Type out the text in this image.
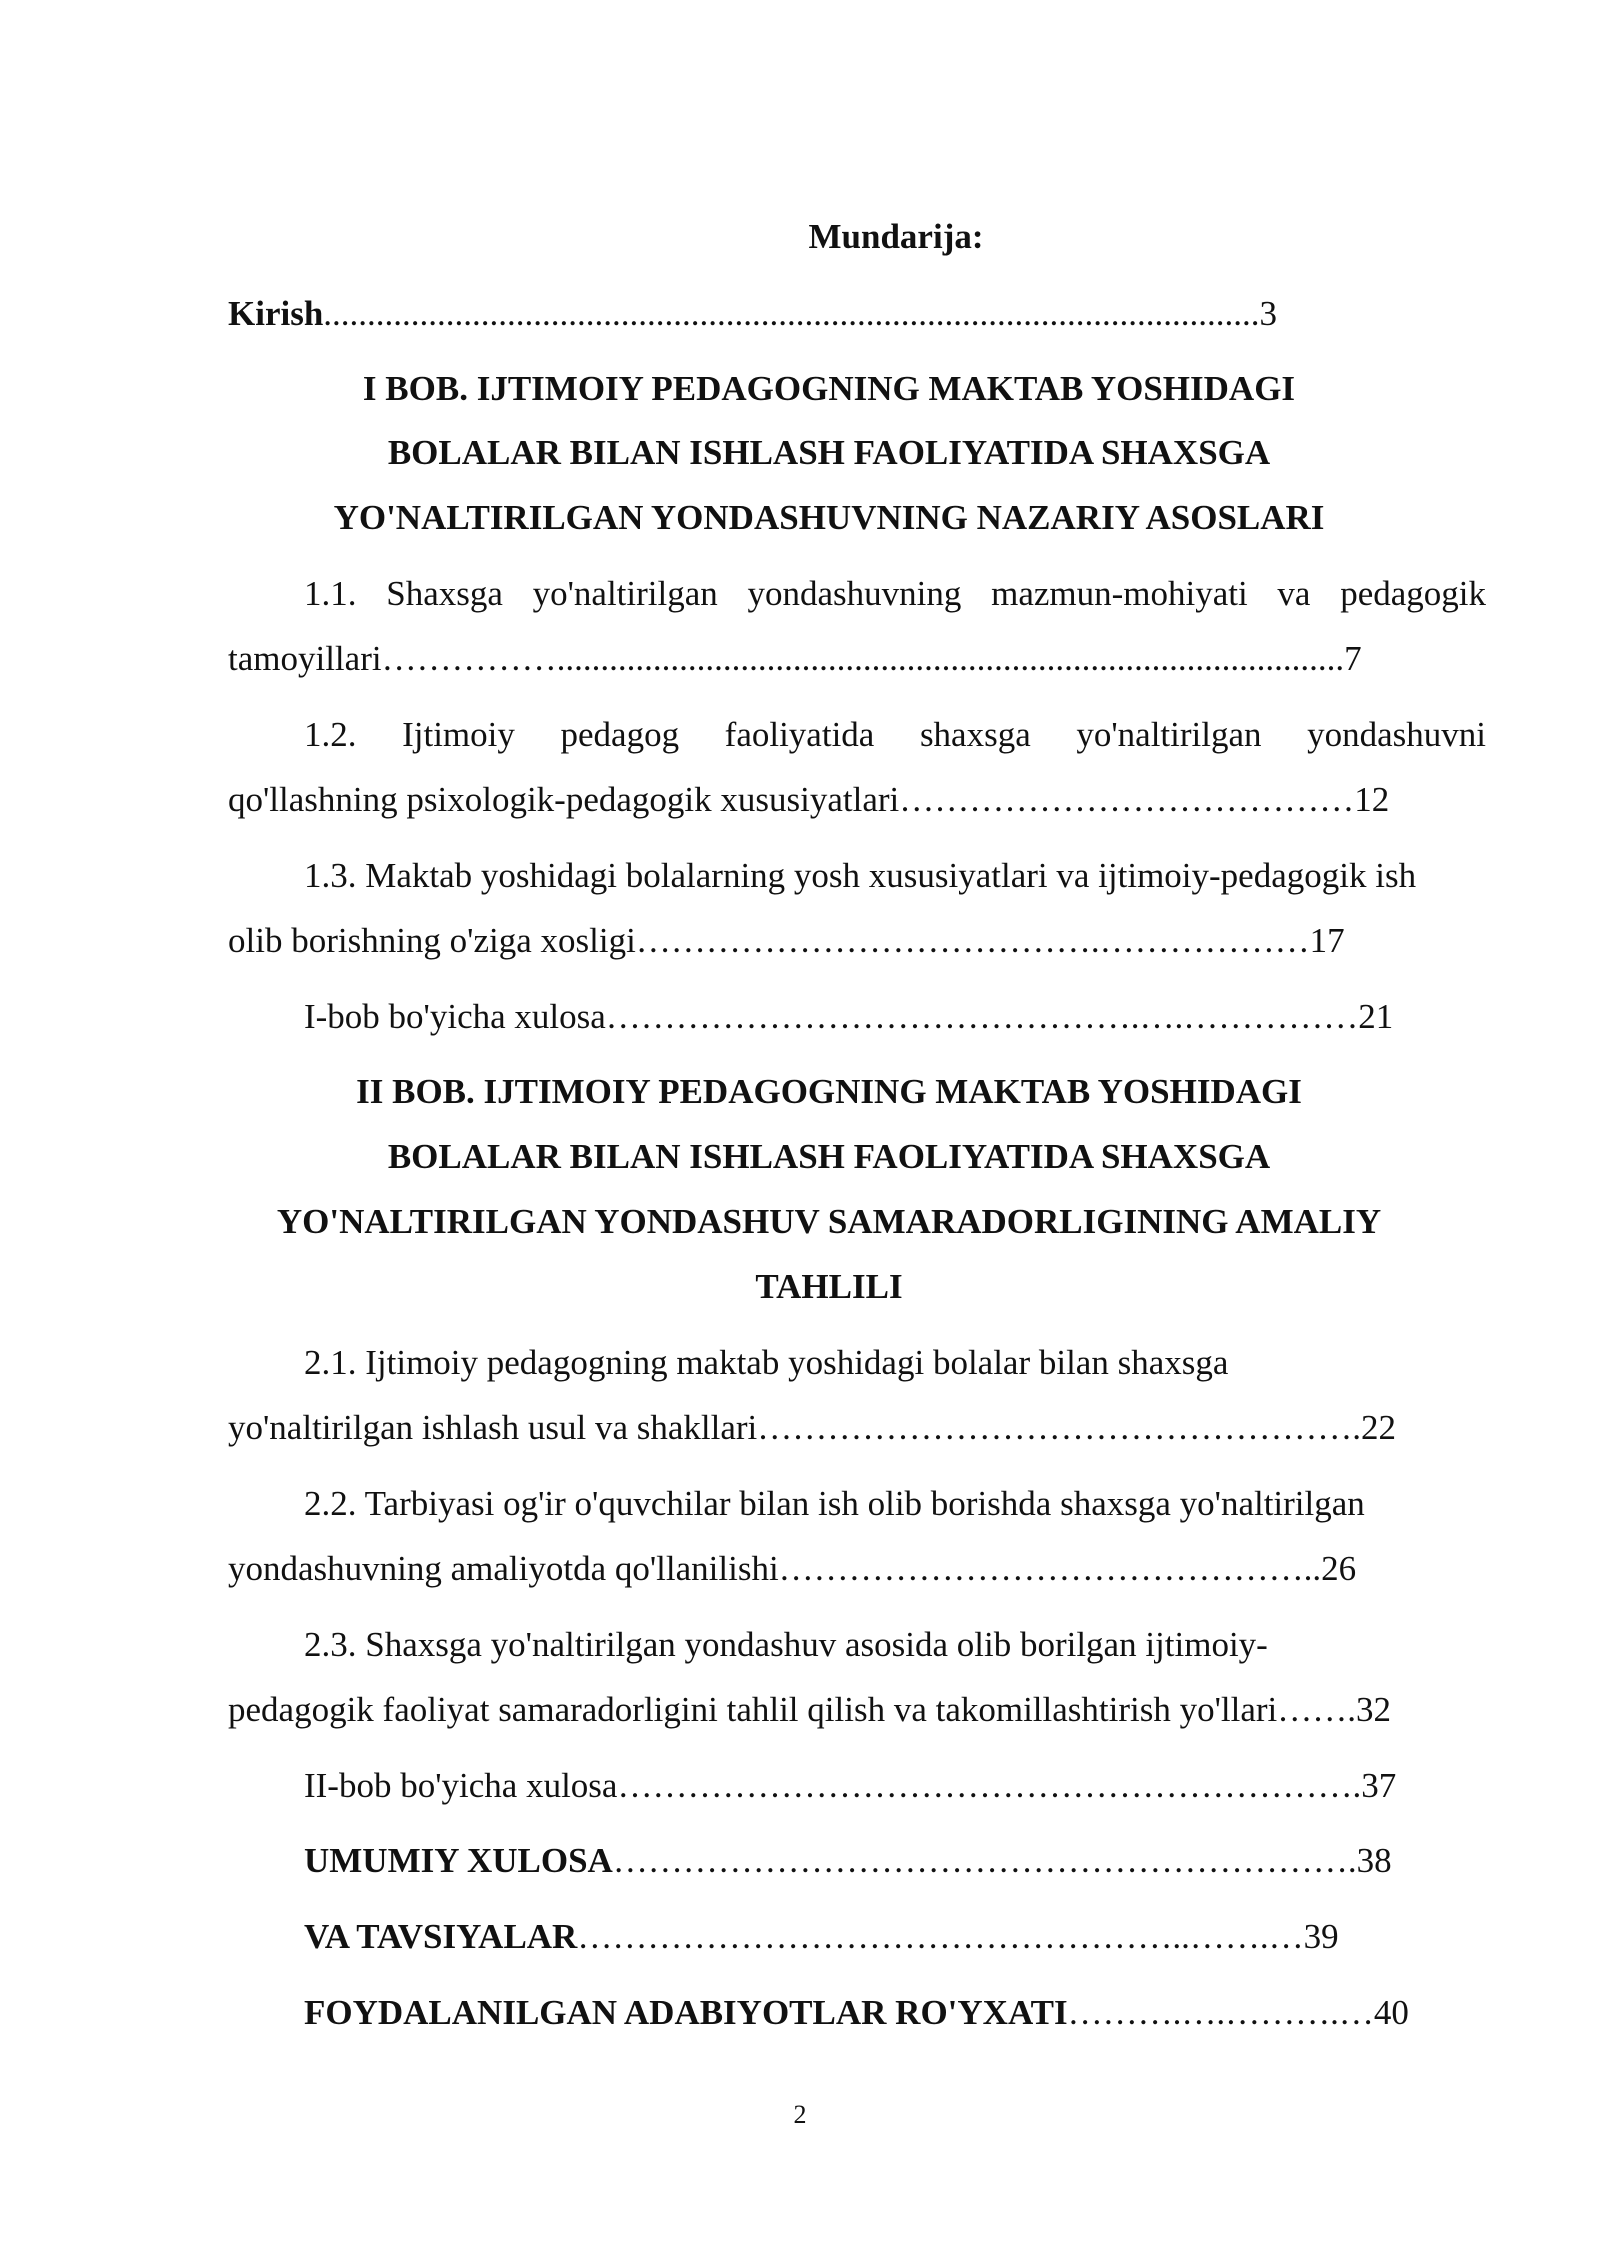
Mundarija:
Kirish...........................................................................................................3
I BOB. IJTIMOIY PEDAGOGNING MAKTAB YOSHIDAGI
BOLALAR BILAN ISHLASH FAOLIYATIDA SHAXSGA
YO'NALTIRILGAN YONDASHUVNING NAZARIY ASOSLARI
1.1. Shaxsga yo'naltirilgan yondashuvning mazmun-mohiyati va pedagogik
tamoyillari……………..........................................................................................7
1.2. Ijtimoiy pedagog faoliyatida shaxsga yo'naltirilgan yondashuvni
qo'llashning psixologik-pedagogik xususiyatlari…………………………………12
1.3. Maktab yoshidagi bolalarning yosh xususiyatlari va ijtimoiy-pedagogik ish
olib borishning o'ziga xosligi………………………………….………………17
I-bob bo'yicha xulosa……………………………………….….……………21
II BOB. IJTIMOIY PEDAGOGNING MAKTAB YOSHIDAGI
BOLALAR BILAN ISHLASH FAOLIYATIDA SHAXSGA
YO'NALTIRILGAN YONDASHUV SAMARADORLIGINING AMALIY
TAHLILI
2.1. Ijtimoiy pedagogning maktab yoshidagi bolalar bilan shaxsga
yo'naltirilgan ishlash usul va shakllari…………………………………………….22
2.2. Tarbiyasi og'ir o'quvchilar bilan ish olib borishda shaxsga yo'naltirilgan
yondashuvning amaliyotda qo'llanilishi………………………………………..26
2.3. Shaxsga yo'naltirilgan yondashuv asosida olib borilgan ijtimoiy-
pedagogik faoliyat samaradorligini tahlil qilish va takomillashtirish yo'llari…….32
II-bob bo'yicha xulosa……………………………………………………….37
UMUMIY XULOSA……………………………………………………….38
VA TAVSIYALAR……………………………………………..…….…39
FOYDALANILGAN ADABIYOTLAR RO'YXATI……….….……….…40
2
